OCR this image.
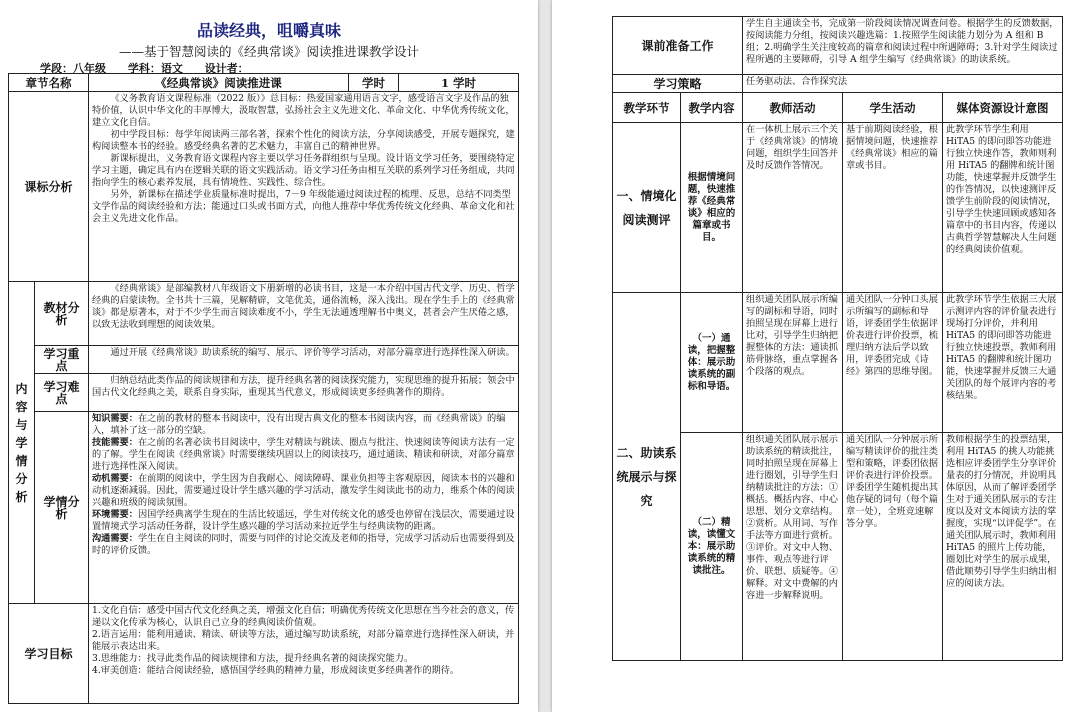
品读经典，咀嚼真味
——基于智慧阅读的《经典常谈》阅读推进课教学设计
学段：八年级 学科：语文 设计者：
章节名称		《经典常谈》阅读推进课	学时	1 学时
课标分析		《义务教育语文课程标准（2022 版）》总目标：热爱国家通用语言文字，感受语言文字及作品的独特价值，认识中华文化的丰厚博大，汲取智慧，弘扬社会主义先进文化、革命文化、中华优秀传统文化，建立文化自信。

初中学段目标：每学年阅读两三部名著，探索个性化的阅读方法，分享阅读感受，开展专题探究，建构阅读整本书的经验。感受经典名著的艺术魅力，丰富自己的精神世界。

新课标提出，义务教育语文课程内容主要以学习任务群组织与呈现。设计语文学习任务，要围绕特定学习主题，确定具有内在逻辑关联的语文实践活动。语文学习任务由相互关联的系列学习任务组成，共同指向学生的核心素养发展，具有情境性、实践性、综合性。

另外，新课标在描述学业质量标准时提出，7－9 年级能通过阅读过程的梳理、反思，总结不同类型文学作品的阅读经验和方法；能通过口头或书面方式，向他人推荐中华优秀传统文化经典、革命文化和社会主义先进文化作品。		

内容与学情分析	教材分析	《经典常谈》是部编教材八年级语文下册新增的必读书目，这是一本介绍中国古代文学、历史、哲学经典的启蒙读物。全书共十三篇，见解精辟，文笔优美，通俗流畅，深入浅出。现在学生手上的《经典常谈》都是原著本，对于不少学生而言阅读难度不小，学生无法通透理解书中奥义，甚者会产生厌倦之感，以致无法收到理想的阅读效果。		

	学习重点	通过开展《经典常谈》助读系统的编写、展示、评价等学习活动，对部分篇章进行选择性深入研读。		

	学习难点	归纳总结此类作品的阅读规律和方法，提升经典名著的阅读探究能力，实现思维的提升拓展；领会中国古代文化经典之美，联系自身实际，重现其当代意义，形成阅读更多经典著作的期待。		

	学情分析	知识需要：在之前的教材的整本书阅读中，没有出现古典文化的整本书阅读内容，而《经典常谈》的编入，填补了这一部分的空缺。

技能需要：在之前的名著必读书目阅读中，学生对精读与跳读、圈点与批注、快速阅读等阅读方法有一定的了解。学生在阅读《经典常谈》时需要继续巩固以上的阅读技巧，通过通读、精读和研读，对部分篇章进行选择性深入阅读。

动机需要：在前期的阅读中，学生因为自我耐心、阅读障碍、课业负担等主客观原因，阅读本书的兴趣和动机逐渐减弱。因此，需要通过设计学生感兴趣的学习活动，激发学生阅读此书的动力，维系个体的阅读兴趣和班级的阅读氛围。

环境需要：因国学经典离学生现在的生活比较遥远，学生对传统文化的感受也停留在浅层次，需要通过设置情境式学习活动任务群，设计学生感兴趣的学习活动来拉近学生与经典读物的距离。

沟通需要：学生在自主阅读的同时，需要与同伴的讨论交流及老师的指导，完成学习活动后也需要得到及时的评价反馈。		

学习目标		1.文化自信：感受中国古代文化经典之美，增强文化自信；明确优秀传统文化思想在当今社会的意义，传递以文化传承为核心，认识自己立身的经典阅读价值观。

2.语言运用：能利用通读、精读、研读等方法，通过编写助读系统，对部分篇章进行选择性深入研读，并能展示表达出来。

3.思维能力：找寻此类作品的阅读规律和方法，提升经典名著的阅读探究能力。

4.审美创造：能结合阅读经验，感悟国学经典的精神力量，形成阅读更多经典著作的期待。		

课前准备工作		学生自主通读全书，完成第一阶段阅读情况调查问卷。根据学生的反馈数据，按阅读能力分组，按阅读兴趣选篇：1.按照学生阅读能力划分为 A 组和 B 组；2.明确学生关注度较高的篇章和阅读过程中所遇障碍；3.针对学生阅读过程所遇的主要障碍，引导 A 组学生编写《经典常谈》的助读系统。		
学习策略		任务驱动法、合作探究法		
教学环节	教学内容	教师活动	学生活动	媒体资源设计意图
一、情境化阅读测评	根据情境问题，快速推荐《经典常谈》相应的篇章或书目。	在一体机上展示三个关于《经典常谈》的情境问题，组织学生回答并及时反馈作答情况。	基于前期阅读经验，根据情境问题，快速推荐《经典常谈》相应的篇章或书目。	此教学环节学生利用 HiTA5 的即问即答功能进行独立快速作答，教师则利用 HiTA5 的翻牌和统计图功能，快速掌握并反馈学生的作答情况，以快速测评反馈学生前阶段的阅读情况，引导学生快速回顾或感知各篇章中的书目内容，传递以古典哲学智慧解决人生问题的经典阅读价值观。
二、助读系统展示与探究	（一）通读，把握整体：展示助读系统的副标和导语。	组织通关团队展示所编写的副标和导语，同时拍照呈现在屏幕上进行比对，引导学生归纳把握整体的方法：通读抓筋骨脉络，重点掌握各个段落的观点。	通关团队一分钟口头展示所编写的副标和导语，评委团学生依据评价表进行评价投票，梳理归纳方法后学以致用，评委团完成《诗经》第四的思维导图。	此教学环节学生依据三大展示测评内容的评价量表进行现场打分评价，并利用 HiTA5 的即问即答功能进行独立快速投票，教师利用 HiTA5 的翻牌和统计图功能，快速掌握并反馈三大通关团队的每个展评内容的考核结果。
	（二）精读，读懂文本：展示助读系统的精读批注。	组织通关团队展示展示助读系统的精读批注，同时拍照呈现在屏幕上进行圈划，引导学生归纳精读批注的方法：①概括。概括内容、中心思想、划分文章结构。②赏析。从用词、写作手法等方面进行赏析。③评价。对文中人物、事件、观点等进行评价、联想、质疑等。④解释。对文中费解的内容进一步解释说明。	通关团队一分钟展示所编写精读评价的批注类型和策略，评委团依据评价表进行评价投票。评委团学生随机提出其他存疑的词句（每个篇章一处），全班竞速解答分享。	教师根据学生的投票结果，利用 HiTA5 的挑人功能挑选相应评委团学生分享评价量表的打分情况，并说明具体原因，从而了解评委团学生对于通关团队展示的专注度以及对文本阅读方法的掌握度，实现“以评促学”。在通关团队展示时，教师利用 HiTA5 的照片上传功能，圈划比对学生的展示成果，借此顺势引导学生归纳出相应的阅读方法。
